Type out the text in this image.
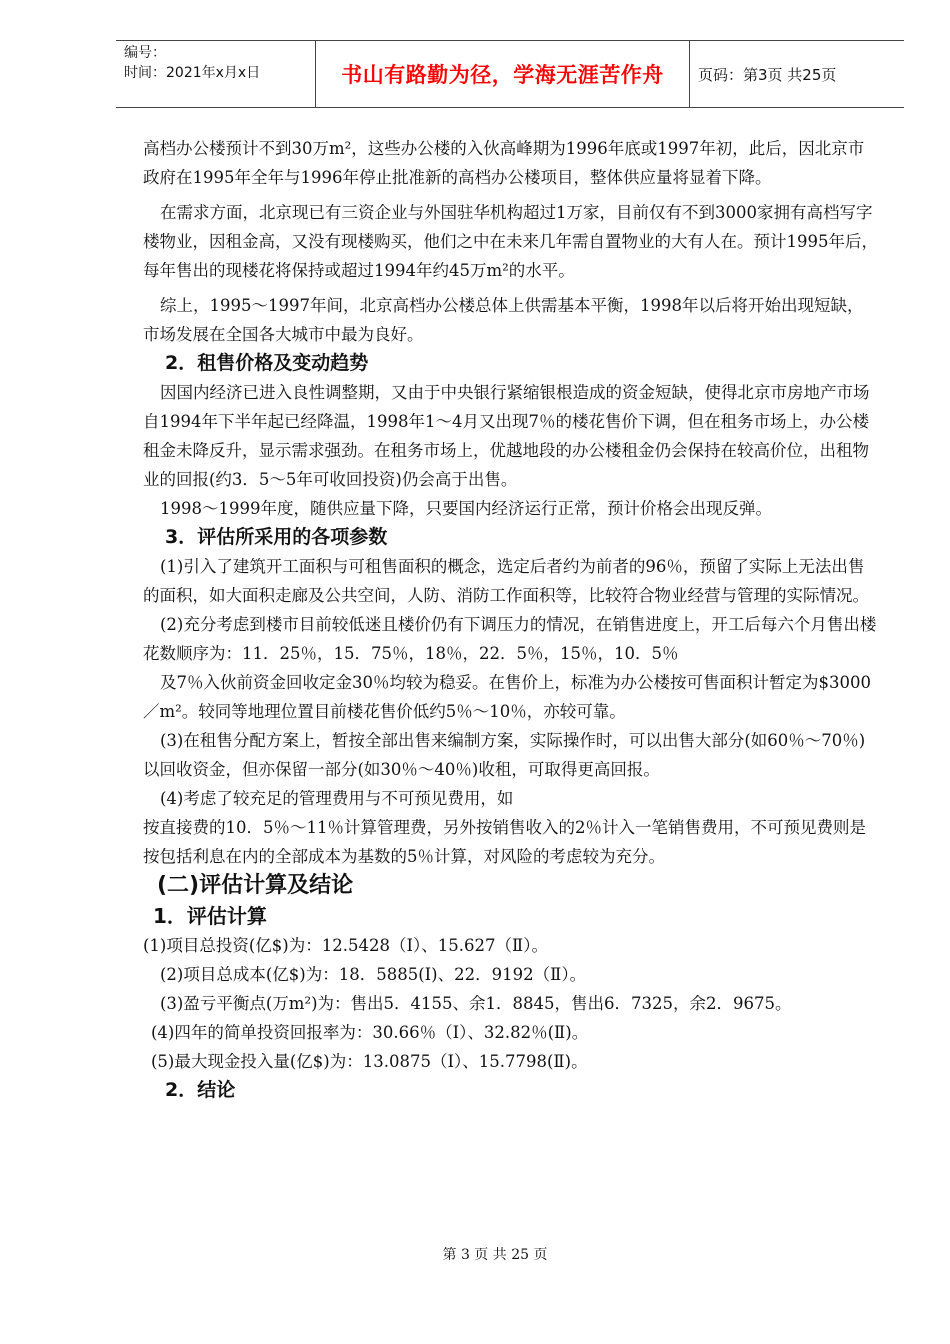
编号：
时间：2021年x月x日	书山有路勤为径，学海无涯苦作舟	页码：第3页 共25页

高档办公楼预计不到30万m²，这些办公楼的入伙高峰期为1996年底或1997年初，此后，因北京市政府在1995年全年与1996年停止批准新的高档办公楼项目，整体供应量将显着下降。

在需求方面，北京现已有三资企业与外国驻华机构超过1万家，目前仅有不到3000家拥有高档写字楼物业，因租金高，又没有现楼购买，他们之中在未来几年需自置物业的大有人在。预计1995年后，每年售出的现楼花将保持或超过1994年约45万m²的水平。

综上，1995～1997年间，北京高档办公楼总体上供需基本平衡，1998年以后将开始出现短缺，市场发展在全国各大城市中最为良好。

2．租售价格及变动趋势

因国内经济已进入良性调整期，又由于中央银行紧缩银根造成的资金短缺，使得北京市房地产市场自1994年下半年起已经降温，1998年1～4月又出现7％的楼花售价下调，但在租务市场上，办公楼租金未降反升，显示需求强劲。在租务市场上，优越地段的办公楼租金仍会保持在较高价位，出租物业的回报(约3．5～5年可收回投资)仍会高于出售。

1998～1999年度，随供应量下降，只要国内经济运行正常，预计价格会出现反弹。

3．评估所采用的各项参数

(1)引入了建筑开工面积与可租售面积的概念，选定后者约为前者的96％，预留了实际上无法出售的面积，如大面积走廊及公共空间，人防、消防工作面积等，比较符合物业经营与管理的实际情况。

(2)充分考虑到楼市目前较低迷且楼价仍有下调压力的情况，在销售进度上，开工后每六个月售出楼花数顺序为：11．25％，15．75％，18％，22．5％，15％，10．5％

及7％入伙前资金回收定金30％均较为稳妥。在售价上，标准为办公楼按可售面积计暂定为$3000／m²。较同等地理位置目前楼花售价低约5％～10％，亦较可靠。

(3)在租售分配方案上，暂按全部出售来编制方案，实际操作时，可以出售大部分(如60％～70％)以回收资金，但亦保留一部分(如30％～40％)收租，可取得更高回报。

(4)考虑了较充足的管理费用与不可预见费用，如

按直接费的10．5％～11％计算管理费，另外按销售收入的2％计入一笔销售费用，不可预见费则是按包括利息在内的全部成本为基数的5％计算，对风险的考虑较为充分。

(二)评估计算及结论

1．评估计算

(1)项目总投资(亿$)为：12.5428（Ⅰ）、15.627（Ⅱ）。

(2)项目总成本(亿$)为：18．5885(Ⅰ)、22．9192（Ⅱ）。

(3)盈亏平衡点(万m²)为：售出5．4155、余1．8845，售出6．7325，余2．9675。

(4)四年的简单投资回报率为：30.66％（Ⅰ）、32.82％(Ⅱ)。

(5)最大现金投入量(亿$)为：13.0875（Ⅰ）、15.7798(Ⅱ)。

2．结论

第 3 页 共 25 页
